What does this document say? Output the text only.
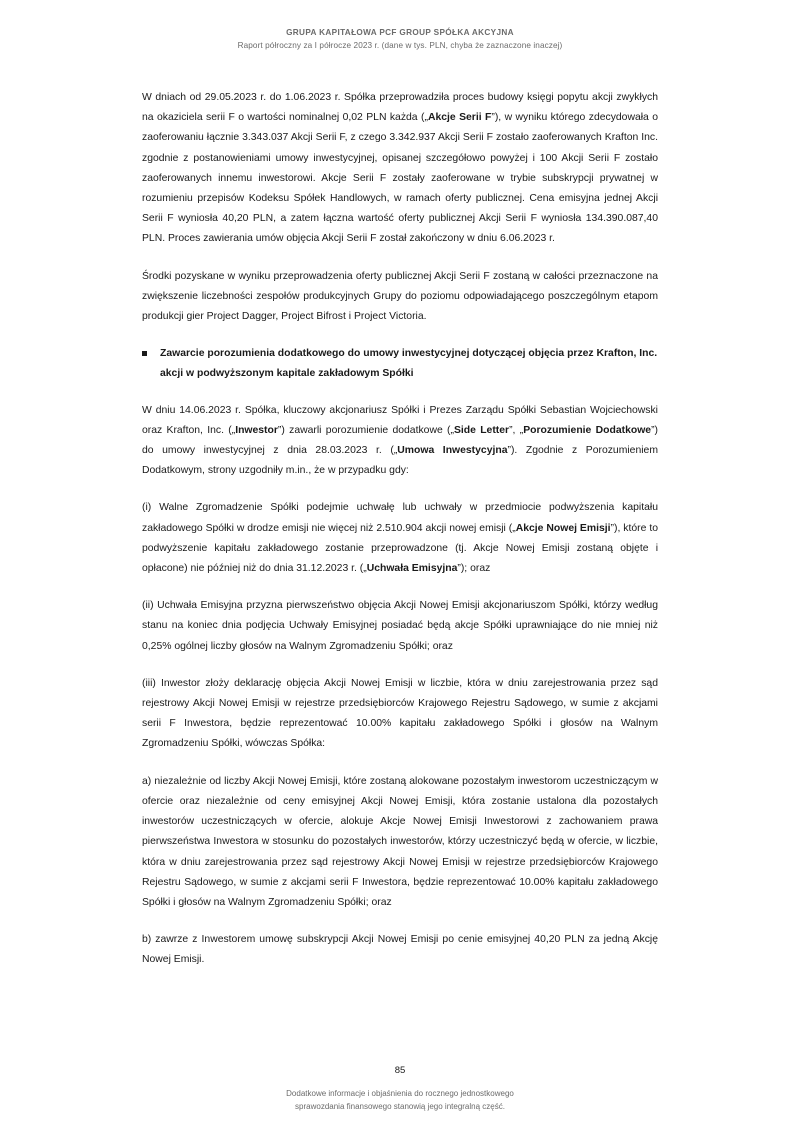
GRUPA KAPITAŁOWA PCF GROUP SPÓŁKA AKCYJNA
Raport półroczny za I półrocze 2023 r. (dane w tys. PLN, chyba że zaznaczone inaczej)

W dniach od 29.05.2023 r. do 1.06.2023 r. Spółka przeprowadziła proces budowy księgi popytu akcji zwykłych na okaziciela serii F o wartości nominalnej 0,02 PLN każda („Akcje Serii F”), w wyniku którego zdecydowała o zaoferowaniu łącznie 3.343.037 Akcji Serii F, z czego 3.342.937 Akcji Serii F zostało zaoferowanych Krafton Inc. zgodnie z postanowieniami umowy inwestycyjnej, opisanej szczegółowo powyżej i 100 Akcji Serii F zostało zaoferowanych innemu inwestorowi. Akcje Serii F zostały zaoferowane w trybie subskrypcji prywatnej w rozumieniu przepisów Kodeksu Spółek Handlowych, w ramach oferty publicznej. Cena emisyjna jednej Akcji Serii F wyniosła 40,20 PLN, a zatem łączna wartość oferty publicznej Akcji Serii F wyniosła 134.390.087,40 PLN. Proces zawierania umów objęcia Akcji Serii F został zakończony w dniu 6.06.2023 r.

Środki pozyskane w wyniku przeprowadzenia oferty publicznej Akcji Serii F zostaną w całości przeznaczone na zwiększenie liczebności zespołów produkcyjnych Grupy do poziomu odpowiadającego poszczególnym etapom produkcji gier Project Dagger, Project Bifrost i Project Victoria.

Zawarcie porozumienia dodatkowego do umowy inwestycyjnej dotyczącej objęcia przez Krafton, Inc. akcji w podwyższonym kapitale zakładowym Spółki

W dniu 14.06.2023 r. Spółka, kluczowy akcjonariusz Spółki i Prezes Zarządu Spółki Sebastian Wojciechowski oraz Krafton, Inc. („Inwestor”) zawarli porozumienie dodatkowe („Side Letter”, „Porozumienie Dodatkowe”) do umowy inwestycyjnej z dnia 28.03.2023 r. („Umowa Inwestycyjna”). Zgodnie z Porozumieniem Dodatkowym, strony uzgodniły m.in., że w przypadku gdy:

(i) Walne Zgromadzenie Spółki podejmie uchwałę lub uchwały w przedmiocie podwyższenia kapitału zakładowego Spółki w drodze emisji nie więcej niż 2.510.904 akcji nowej emisji („Akcje Nowej Emisji”), które to podwyższenie kapitału zakładowego zostanie przeprowadzone (tj. Akcje Nowej Emisji zostaną objęte i opłacone) nie później niż do dnia 31.12.2023 r. („Uchwała Emisyjna”); oraz

(ii) Uchwała Emisyjna przyzna pierwszeństwo objęcia Akcji Nowej Emisji akcjonariuszom Spółki, którzy według stanu na koniec dnia podjęcia Uchwały Emisyjnej posiadać będą akcje Spółki uprawniające do nie mniej niż 0,25% ogólnej liczby głosów na Walnym Zgromadzeniu Spółki; oraz

(iii) Inwestor złoży deklarację objęcia Akcji Nowej Emisji w liczbie, która w dniu zarejestrowania przez sąd rejestrowy Akcji Nowej Emisji w rejestrze przedsiębiorców Krajowego Rejestru Sądowego, w sumie z akcjami serii F Inwestora, będzie reprezentować 10.00% kapitału zakładowego Spółki i głosów na Walnym Zgromadzeniu Spółki, wówczas Spółka:

a) niezależnie od liczby Akcji Nowej Emisji, które zostaną alokowane pozostałym inwestorom uczestniczącym w ofercie oraz niezależnie od ceny emisyjnej Akcji Nowej Emisji, która zostanie ustalona dla pozostałych inwestorów uczestniczących w ofercie, alokuje Akcje Nowej Emisji Inwestorowi z zachowaniem prawa pierwszeństwa Inwestora w stosunku do pozostałych inwestorów, którzy uczestniczyć będą w ofercie, w liczbie, która w dniu zarejestrowania przez sąd rejestrowy Akcji Nowej Emisji w rejestrze przedsiębiorców Krajowego Rejestru Sądowego, w sumie z akcjami serii F Inwestora, będzie reprezentować 10.00% kapitału zakładowego Spółki i głosów na Walnym Zgromadzeniu Spółki; oraz

b) zawrze z Inwestorem umowę subskrypcji Akcji Nowej Emisji po cenie emisyjnej 40,20 PLN za jedną Akcję Nowej Emisji.

85
Dodatkowe informacje i objaśnienia do rocznego jednostkowego
sprawozdania finansowego stanowią jego integralną część.
